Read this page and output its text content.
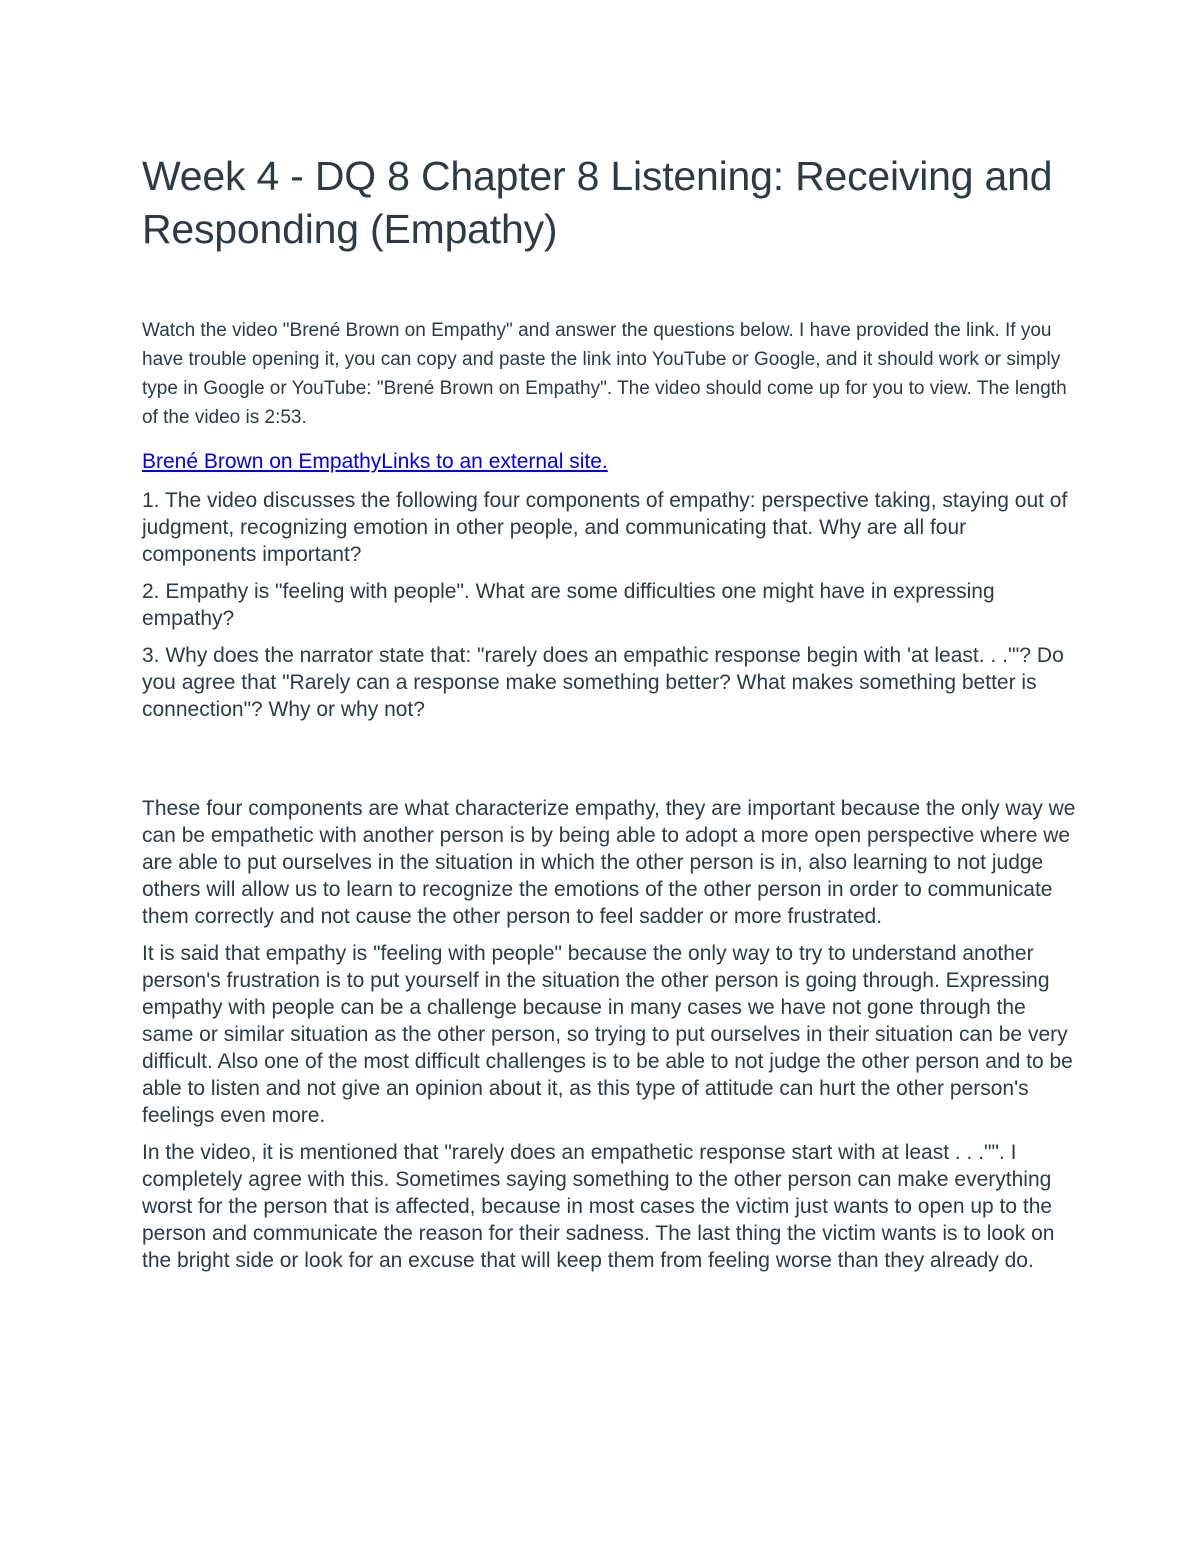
Week 4 - DQ 8 Chapter 8 Listening: Receiving and Responding (Empathy)

Watch the video "Brené Brown on Empathy" and answer the questions below. I have provided the link. If you have trouble opening it, you can copy and paste the link into YouTube or Google, and it should work or simply type in Google or YouTube: "Brené Brown on Empathy". The video should come up for you to view. The length of the video is 2:53.

Brené Brown on EmpathyLinks to an external site.

1. The video discusses the following four components of empathy: perspective taking, staying out of judgment, recognizing emotion in other people, and communicating that. Why are all four components important?

2. Empathy is "feeling with people". What are some difficulties one might have in expressing empathy?

3. Why does the narrator state that: "rarely does an empathic response begin with 'at least. . .'"? Do you agree that "Rarely can a response make something better? What makes something better is connection"? Why or why not?

These four components are what characterize empathy, they are important because the only way we can be empathetic with another person is by being able to adopt a more open perspective where we are able to put ourselves in the situation in which the other person is in, also learning to not judge others will allow us to learn to recognize the emotions of the other person in order to communicate them correctly and not cause the other person to feel sadder or more frustrated.

It is said that empathy is "feeling with people" because the only way to try to understand another person's frustration is to put yourself in the situation the other person is going through. Expressing empathy with people can be a challenge because in many cases we have not gone through the same or similar situation as the other person, so trying to put ourselves in their situation can be very difficult. Also one of the most difficult challenges is to be able to not judge the other person and to be able to listen and not give an opinion about it, as this type of attitude can hurt the other person's feelings even more.

In the video, it is mentioned that "rarely does an empathetic response start with at least . . ."". I completely agree with this. Sometimes saying something to the other person can make everything worst for the person that is affected, because in most cases the victim just wants to open up to the person and communicate the reason for their sadness. The last thing the victim wants is to look on the bright side or look for an excuse that will keep them from feeling worse than they already do.
